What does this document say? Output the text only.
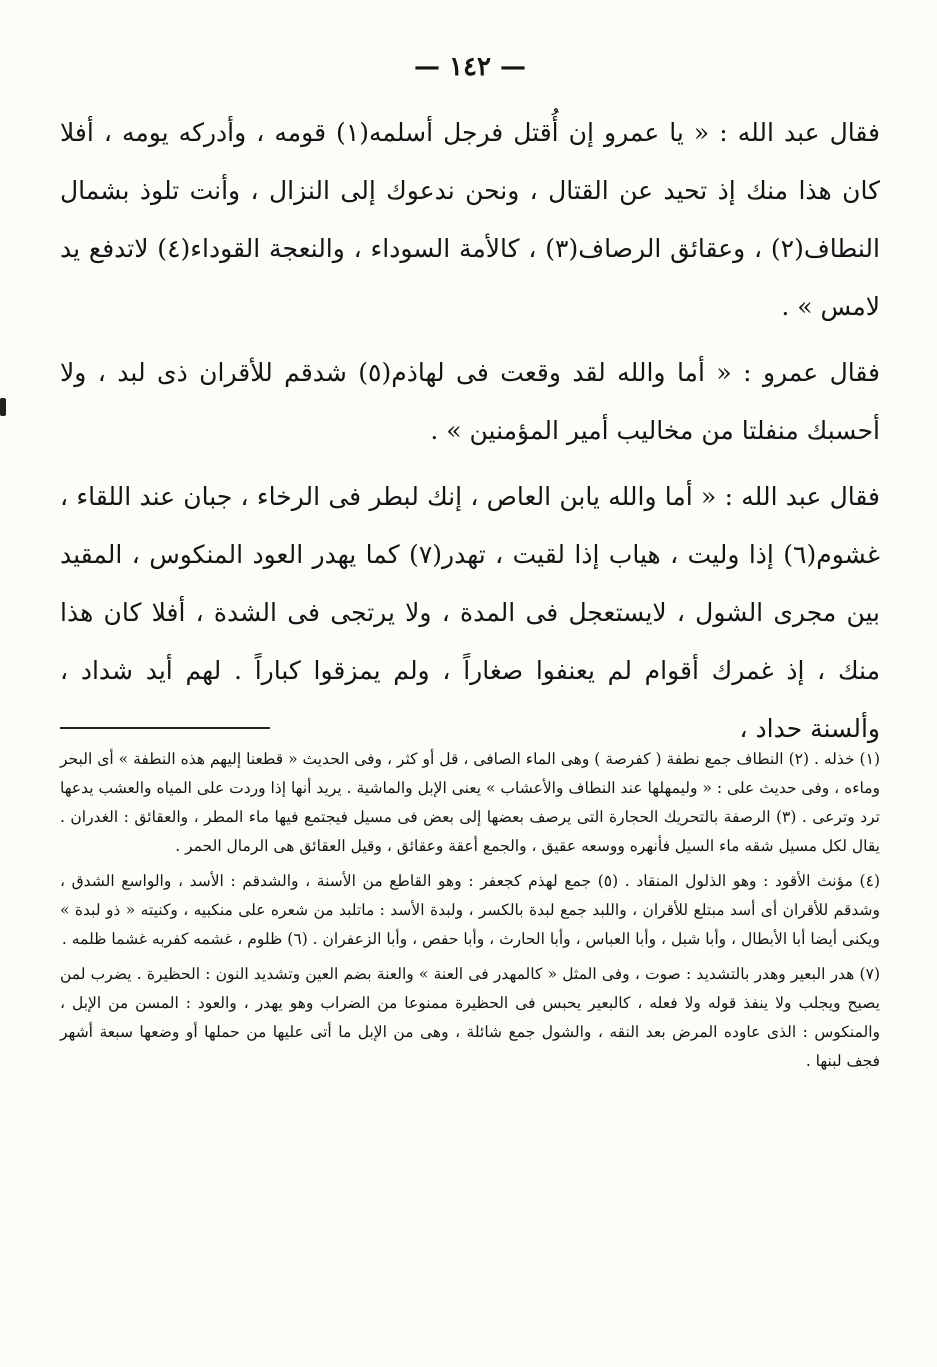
— ١٤٢ —

فقال عبد الله : « يا عمرو إن أُقتل فرجل أسلمه(١) قومه ، وأدركه يومه ، أفلا كان هذا منك إذ تحيد عن القتال ، ونحن ندعوك إلى النزال ، وأنت تلوذ بشمال النطاف(٢) ، وعقائق الرصاف(٣) ، كالأمة السوداء ، والنعجة القوداء(٤) لاتدفع يد لامس » .

فقال عمرو : « أما والله لقد وقعت فى لهاذم(٥) شدقم للأقران ذى لبد ، ولا أحسبك منفلتا من مخاليب أمير المؤمنين » .

فقال عبد الله : « أما والله يابن العاص ، إنك لبطر فى الرخاء ، جبان عند اللقاء ، غشوم(٦) إذا وليت ، هياب إذا لقيت ، تهدر(٧) كما يهدر العود المنكوس ، المقيد بين مجرى الشول ، لايستعجل فى المدة ، ولا يرتجى فى الشدة ، أفلا كان هذا منك ، إذ غمرك أقوام لم يعنفوا صغاراً ، ولم يمزقوا كباراً . لهم أيد شداد ، وألسنة حداد ،

(١) خذله . (٢) النطاف جمع نطفة ( كفرصة ) وهى الماء الصافى ، قل أو كثر ، وفى الحديث « قطعنا إليهم هذه النطفة » أى البحر وماءه ، وفى حديث على : « وليمهلها عند النطاف والأعشاب » يعنى الإبل والماشية . يريد أنها إذا وردت على المياه والعشب يدعها ترد وترعى . (٣) الرصفة بالتحريك الحجارة التى يرصف بعضها إلى بعض فى مسيل فيجتمع فيها ماء المطر ، والعقائق : الغدران . يقال لكل مسيل شقه ماء السيل فأنهره ووسعه عقيق ، والجمع أعقة وعقائق ، وقيل العقائق هى الرمال الحمر .

(٤) مؤنث الأقود : وهو الذلول المنقاد . (٥) جمع لهذم كجعفر : وهو القاطع من الأسنة ، والشدقم : الأسد ، والواسع الشدق ، وشدقم للأقران أى أسد مبتلع للأقران ، واللبد جمع لبدة بالكسر ، ولبدة الأسد : ماتلبد من شعره على منكبيه ، وكنيته « ذو لبدة » ويكنى أيضا أبا الأبطال ، وأبا شبل ، وأبا العباس ، وأبا الحارث ، وأبا حفص ، وأبا الزعفران . (٦) ظلوم ، غشمه كفربه غشما ظلمه .

(٧) هدر البعير وهدر بالتشديد : صوت ، وفى المثل « كالمهدر فى العنة » والعنة بضم العين وتشديد النون : الحظيرة . يضرب لمن يصيح ويجلب ولا ينفذ قوله ولا فعله ، كالبعير يحبس فى الحظيرة ممنوعا من الضراب وهو يهدر ، والعود : المسن من الإبل ، والمنكوس : الذى عاوده المرض بعد النقه ، والشول جمع شائلة ، وهى من الإبل ما أتى عليها من حملها أو وضعها سبعة أشهر فجف لبنها .
